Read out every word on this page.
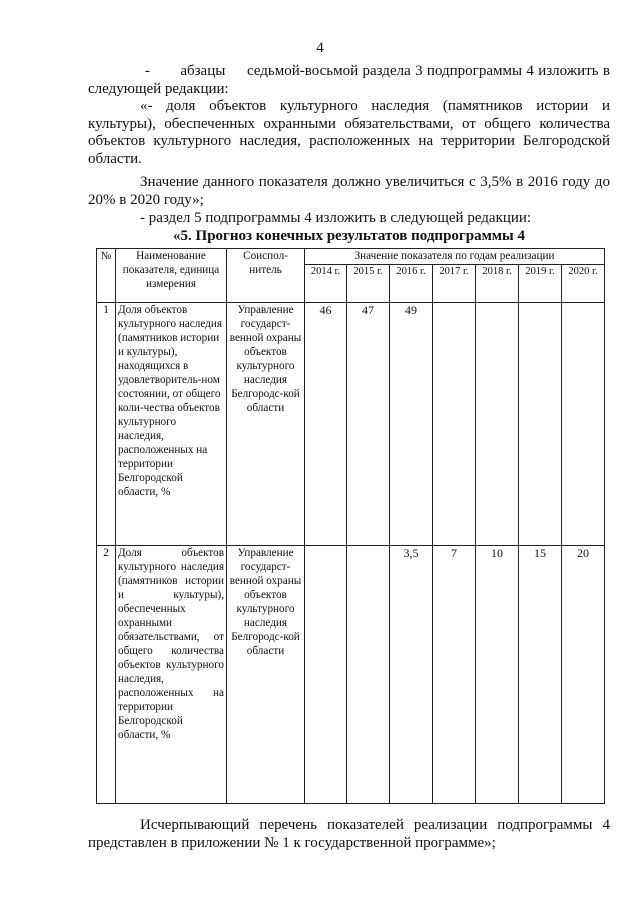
4

-       абзацы     седьмой-восьмой раздела 3 подпрограммы 4 изложить в следующей редакции:

«- доля объектов культурного наследия (памятников истории и культуры), обеспеченных охранными обязательствами, от общего количества объектов культурного наследия, расположенных на территории Белгородской области.

Значение данного показателя должно увеличиться с 3,5% в 2016 году до 20% в 2020 году»;

- раздел 5 подпрограммы 4 изложить в следующей редакции:

«5. Прогноз конечных результатов подпрограммы 4

№	Наименование показателя, единица измерения	Соиспол-нитель	Значение показателя по годам реализации						
			2014 г.	2015 г.	2016 г.	2017 г.	2018 г.	2019 г.	2020 г.
1	Доля объектов культурного наследия (памятников истории и культуры), находящихся в удовлетворитель-ном состоянии, от общего коли-чества объектов культурного наследия, расположенных на территории Белгородской области, %	Управление государст-венной охраны объектов культурного наследия Белгородс-кой области	46	47	49				
2	Доля объектов культурного наследия (памятников истории и культуры), обеспеченных охранными обязательствами, от общего количества объектов культурного наследия, расположенных на территории Белгородской области, %	Управление государст-венной охраны объектов культурного наследия Белгородс-кой области			3,5	7	10	15	20

Исчерпывающий перечень показателей реализации подпрограммы 4 представлен в приложении № 1 к государственной программе»;
